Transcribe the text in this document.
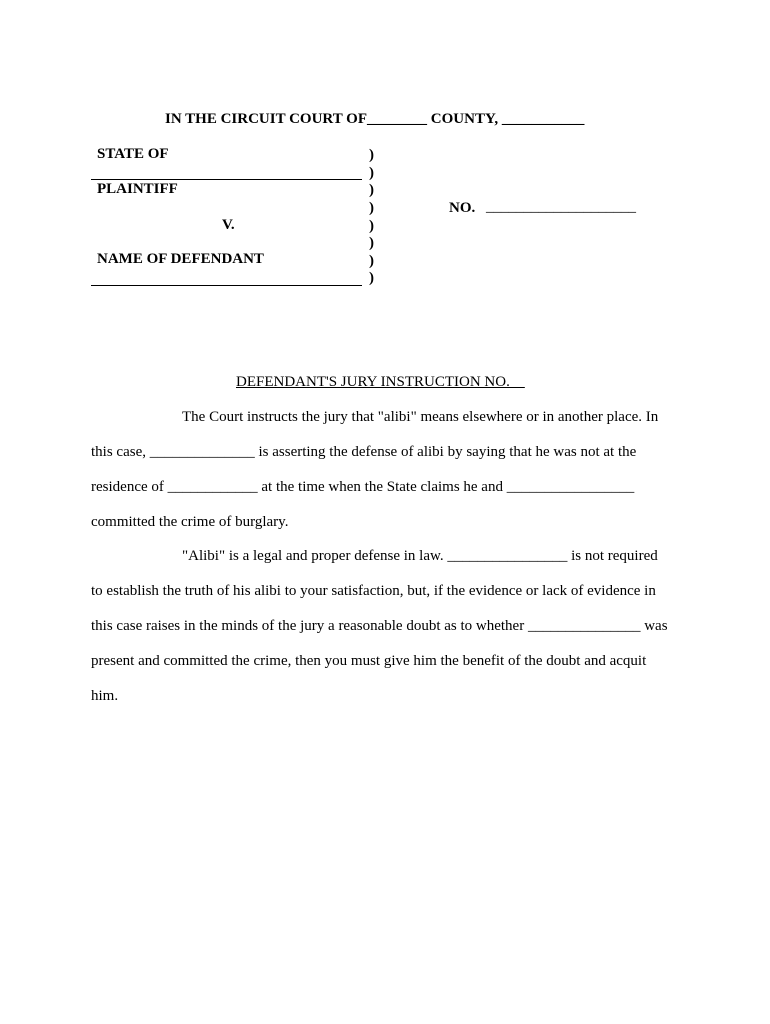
IN THE CIRCUIT COURT OF________ COUNTY, ___________
STATE OF
PLAINTIFF
V.
NAME OF DEFENDANT
)
)
)
)
)
)
)
)
NO. ____________________
DEFENDANT'S JURY INSTRUCTION NO.
The Court instructs the jury that "alibi" means elsewhere or in another place. In
this case, ______________ is asserting the defense of alibi by saying that he was not at the
residence of ____________ at the time when the State claims he and _________________
committed the crime of burglary.
"Alibi" is a legal and proper defense in law. ________________ is not required
to establish the truth of his alibi to your satisfaction, but, if the evidence or lack of evidence in
this case raises in the minds of the jury a reasonable doubt as to whether _______________ was
present and committed the crime, then you must give him the benefit of the doubt and acquit
him.
